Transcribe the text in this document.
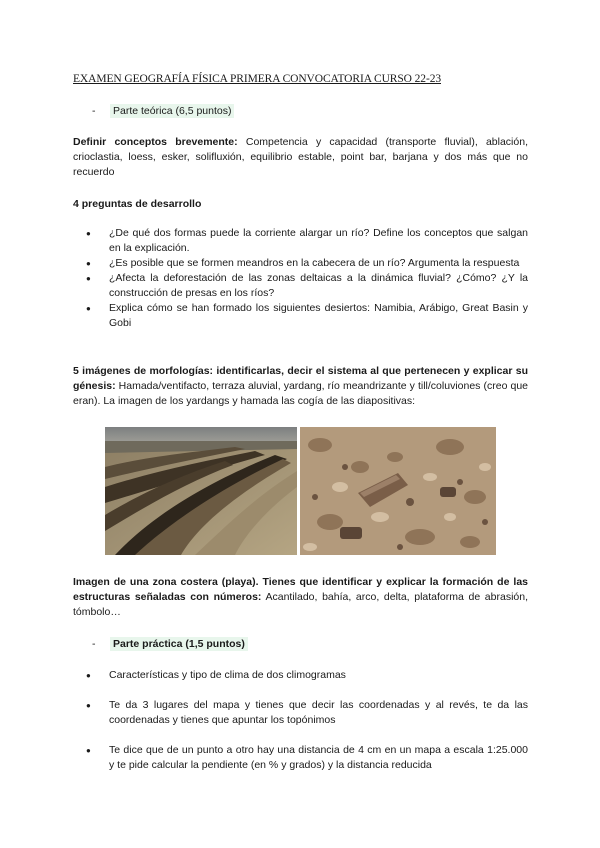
EXAMEN GEOGRAFÍA FÍSICA PRIMERA CONVOCATORIA CURSO 22-23
- Parte teórica (6,5 puntos)
Definir conceptos brevemente: Competencia y capacidad (transporte fluvial), ablación, crioclastia, loess, esker, solifluxión, equilibrio estable, point bar, barjana y dos más que no recuerdo
4 preguntas de desarrollo
● ¿De qué dos formas puede la corriente alargar un río? Define los conceptos que salgan en la explicación.
● ¿Es posible que se formen meandros en la cabecera de un río? Argumenta la respuesta
● ¿Afecta la deforestación de las zonas deltaicas a la dinámica fluvial? ¿Cómo? ¿Y la construcción de presas en los ríos?
● Explica cómo se han formado los siguientes desiertos: Namibia, Arábigo, Great Basin y Gobi
5 imágenes de morfologías: identificarlas, decir el sistema al que pertenecen y explicar su génesis: Hamada/ventifacto, terraza aluvial, yardang, río meandrizante y till/coluviones (creo que eran). La imagen de los yardangs y hamada las cogía de las diapositivas:
Imagen de una zona costera (playa). Tienes que identificar y explicar la formación de las estructuras señaladas con números: Acantilado, bahía, arco, delta, plataforma de abrasión, tómbolo…
- Parte práctica (1,5 puntos)
● Características y tipo de clima de dos climogramas
● Te da 3 lugares del mapa y tienes que decir las coordenadas y al revés, te da las coordenadas y tienes que apuntar los topónimos
● Te dice que de un punto a otro hay una distancia de 4 cm en un mapa a escala 1:25.000 y te pide calcular la pendiente (en % y grados) y la distancia reducida
